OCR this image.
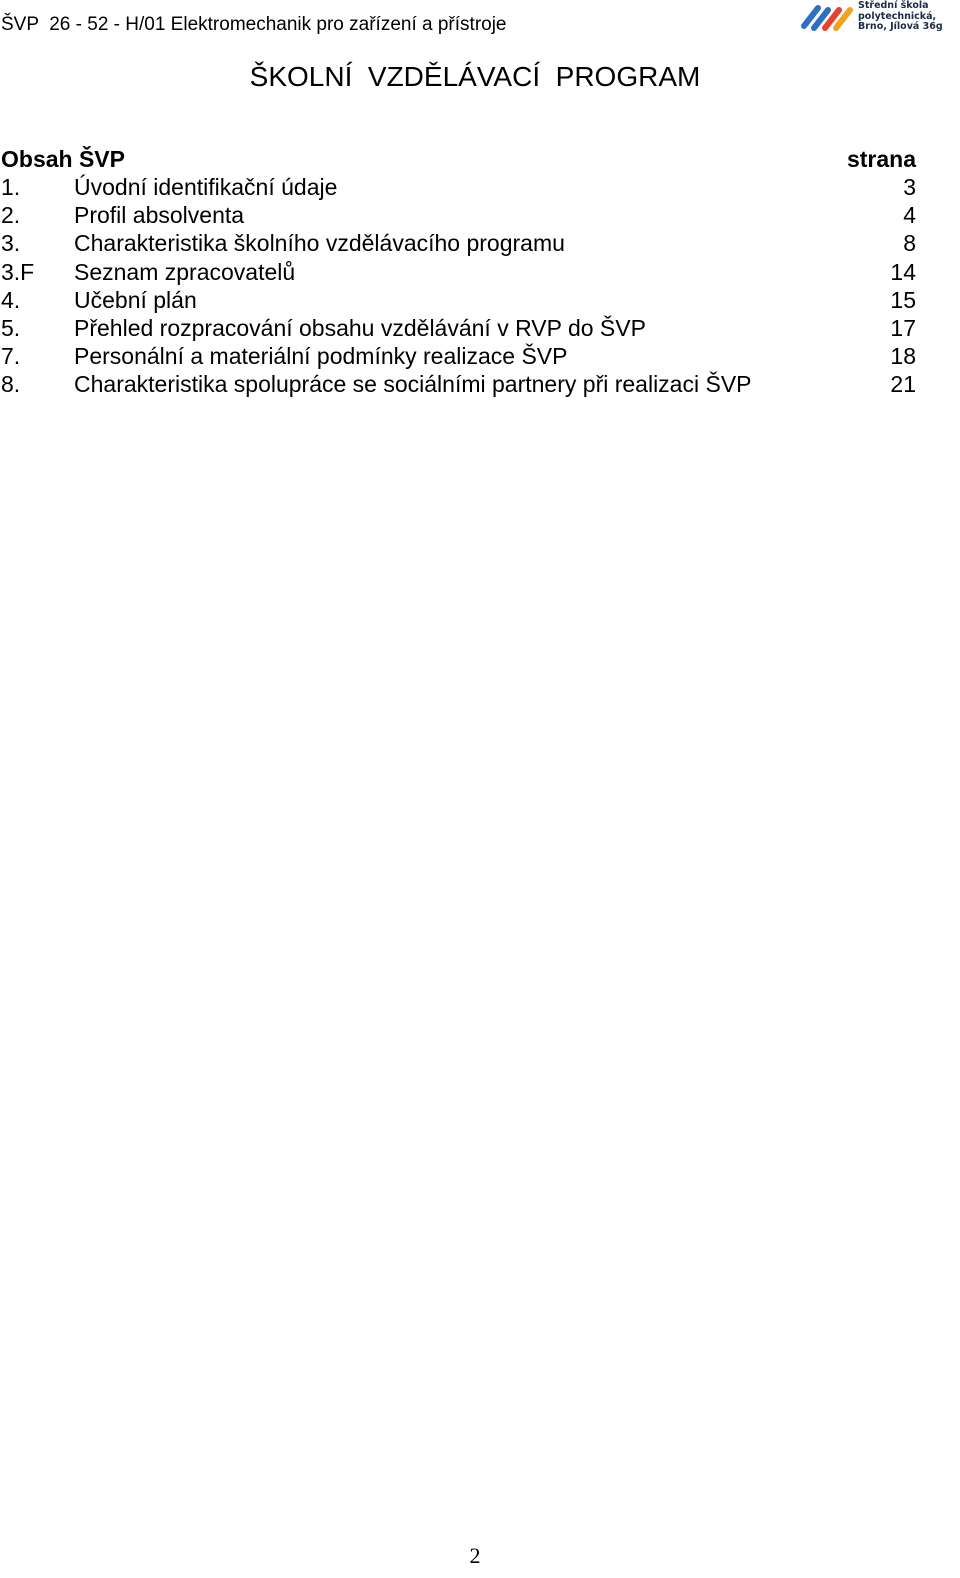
ŠVP  26 - 52 - H/01 Elektromechanik pro zařízení a přístroje
Střední škola
polytechnická,
Brno, Jílová 36g
ŠKOLNÍ  VZDĚLÁVACÍ  PROGRAM
Obsah ŠVP	strana
1. Úvodní identifikační údaje	3
2. Profil absolventa	4
3. Charakteristika školního vzdělávacího programu	8
3.F Seznam zpracovatelů	14
4. Učební plán	15
5. Přehled rozpracování obsahu vzdělávání v RVP do ŠVP	17
7. Personální a materiální podmínky realizace ŠVP	18
8. Charakteristika spolupráce se sociálními partnery při realizaci ŠVP	21
2
